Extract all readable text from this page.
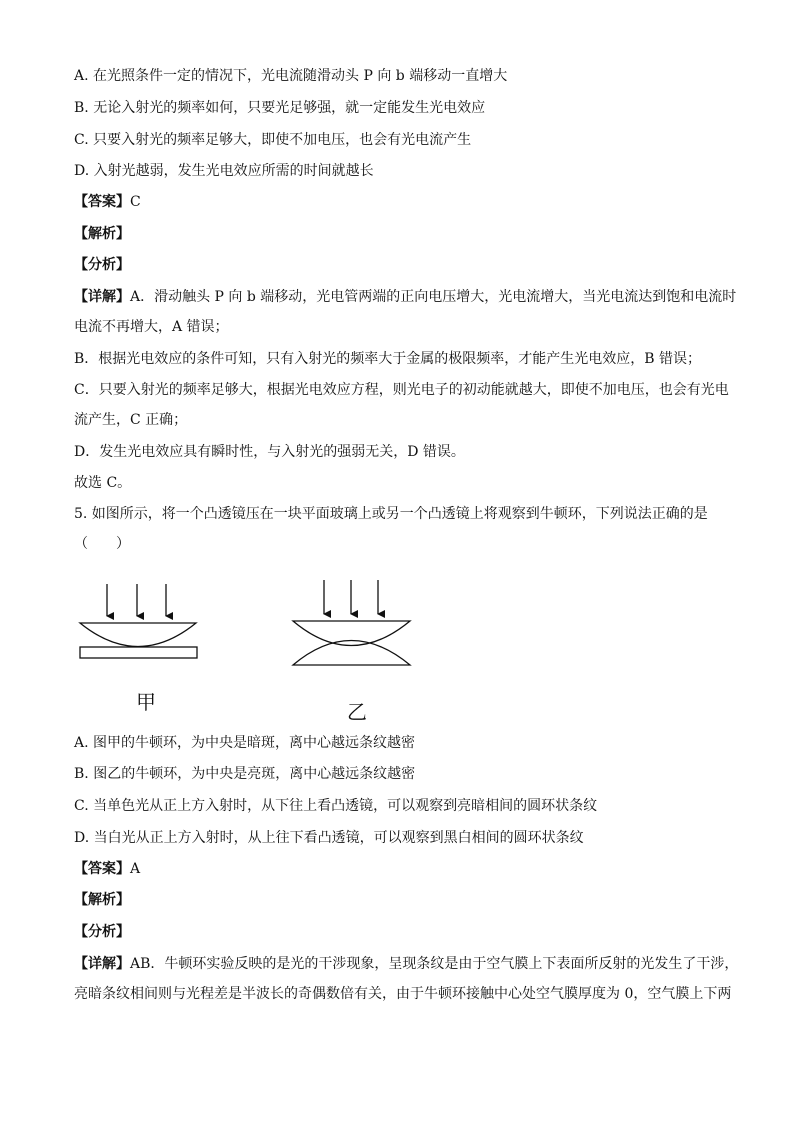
A. 在光照条件一定的情况下，光电流随滑动头 P 向 b 端移动一直增大
B. 无论入射光的频率如何，只要光足够强，就一定能发生光电效应
C. 只要入射光的频率足够大，即使不加电压，也会有光电流产生
D. 入射光越弱，发生光电效应所需的时间就越长
【答案】C
【解析】
【分析】
【详解】A．滑动触头 P 向 b 端移动，光电管两端的正向电压增大，光电流增大，当光电流达到饱和电流时
电流不再增大，A 错误；
B．根据光电效应的条件可知，只有入射光的频率大于金属的极限频率，才能产生光电效应，B 错误；
C．只要入射光的频率足够大，根据光电效应方程，则光电子的初动能就越大，即使不加电压，也会有光电
流产生，C 正确；
D．发生光电效应具有瞬时性，与入射光的强弱无关，D 错误。
故选 C。
5. 如图所示，将一个凸透镜压在一块平面玻璃上或另一个凸透镜上将观察到牛顿环，下列说法正确的是
（　　）
甲	乙
A. 图甲的牛顿环，为中央是暗斑，离中心越远条纹越密
B. 图乙的牛顿环，为中央是亮斑，离中心越远条纹越密
C. 当单色光从正上方入射时，从下往上看凸透镜，可以观察到亮暗相间的圆环状条纹
D. 当白光从正上方入射时，从上往下看凸透镜，可以观察到黑白相间的圆环状条纹
【答案】A
【解析】
【分析】
【详解】AB．牛顿环实验反映的是光的干涉现象，呈现条纹是由于空气膜上下表面所反射的光发生了干涉，
亮暗条纹相间则与光程差是半波长的奇偶数倍有关，由于牛顿环接触中心处空气膜厚度为 0，空气膜上下两
